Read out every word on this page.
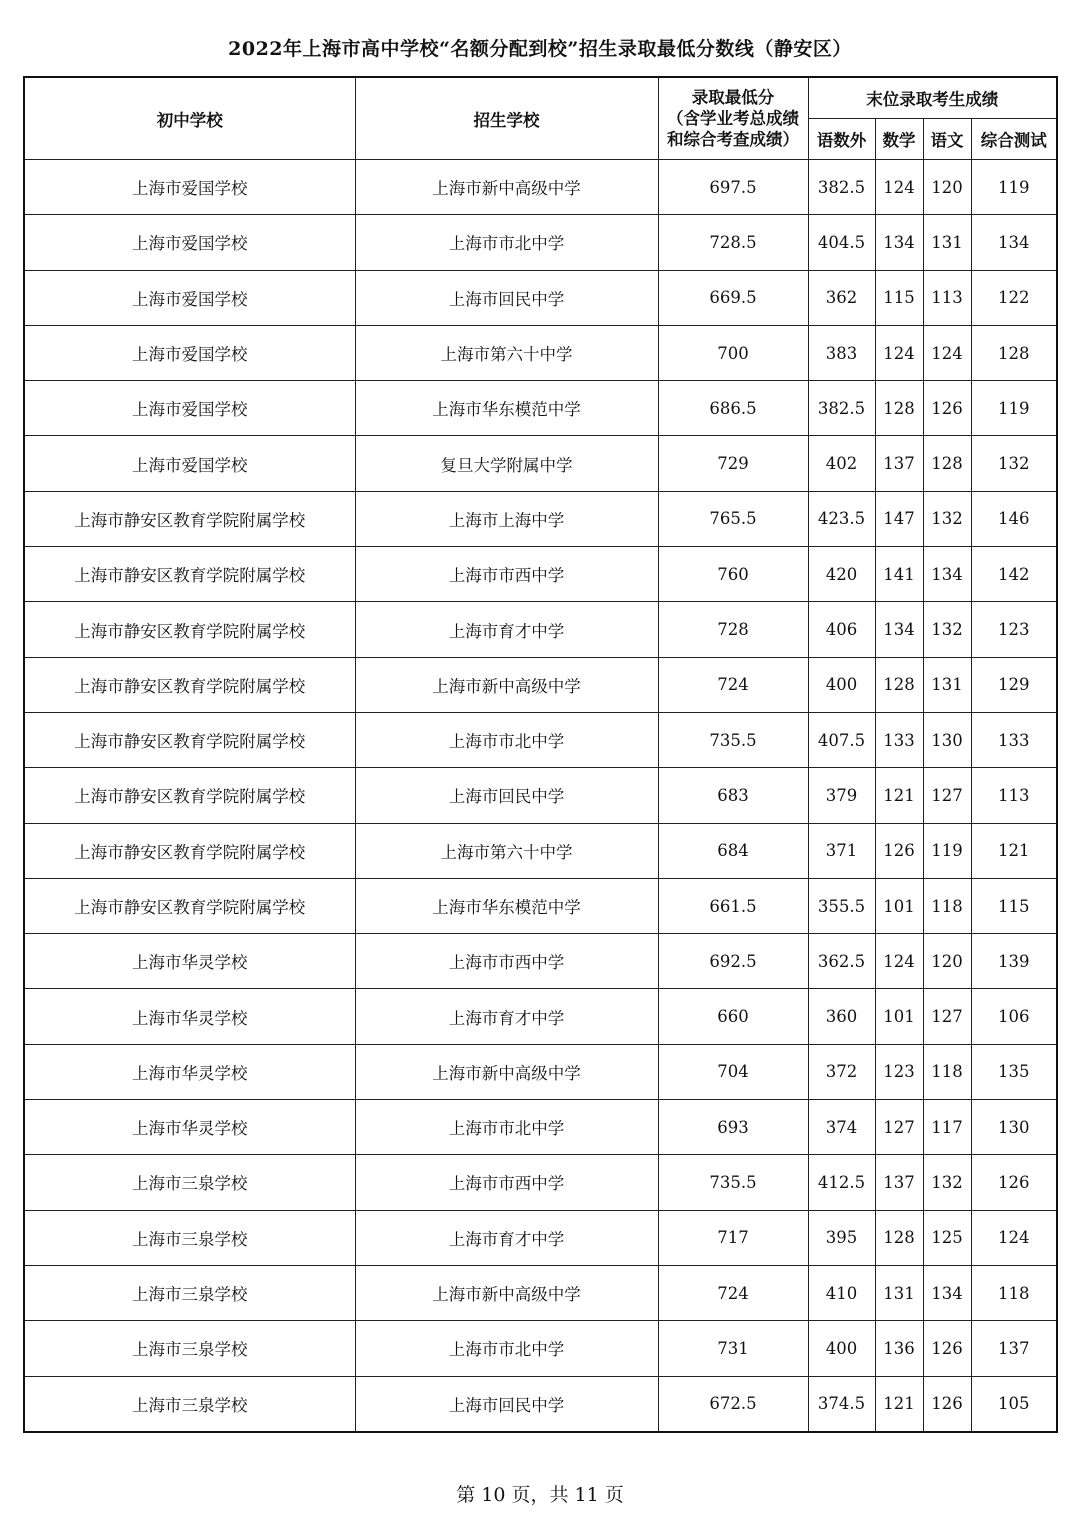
2022年上海市高中学校“名额分配到校”招生录取最低分数线（静安区）
初中学校	招生学校	录取最低分
（含学业考总成绩
和综合考查成绩）	末位录取考生成绩			
			语数外	数学	语文	综合测试
上海市爱国学校	上海市新中高级中学	697.5	382.5	124	120	119
上海市爱国学校	上海市市北中学	728.5	404.5	134	131	134
上海市爱国学校	上海市回民中学	669.5	362	115	113	122
上海市爱国学校	上海市第六十中学	700	383	124	124	128
上海市爱国学校	上海市华东模范中学	686.5	382.5	128	126	119
上海市爱国学校	复旦大学附属中学	729	402	137	128	132
上海市静安区教育学院附属学校	上海市上海中学	765.5	423.5	147	132	146
上海市静安区教育学院附属学校	上海市市西中学	760	420	141	134	142
上海市静安区教育学院附属学校	上海市育才中学	728	406	134	132	123
上海市静安区教育学院附属学校	上海市新中高级中学	724	400	128	131	129
上海市静安区教育学院附属学校	上海市市北中学	735.5	407.5	133	130	133
上海市静安区教育学院附属学校	上海市回民中学	683	379	121	127	113
上海市静安区教育学院附属学校	上海市第六十中学	684	371	126	119	121
上海市静安区教育学院附属学校	上海市华东模范中学	661.5	355.5	101	118	115
上海市华灵学校	上海市市西中学	692.5	362.5	124	120	139
上海市华灵学校	上海市育才中学	660	360	101	127	106
上海市华灵学校	上海市新中高级中学	704	372	123	118	135
上海市华灵学校	上海市市北中学	693	374	127	117	130
上海市三泉学校	上海市市西中学	735.5	412.5	137	132	126
上海市三泉学校	上海市育才中学	717	395	128	125	124
上海市三泉学校	上海市新中高级中学	724	410	131	134	118
上海市三泉学校	上海市市北中学	731	400	136	126	137
上海市三泉学校	上海市回民中学	672.5	374.5	121	126	105
第 10 页，共 11 页
